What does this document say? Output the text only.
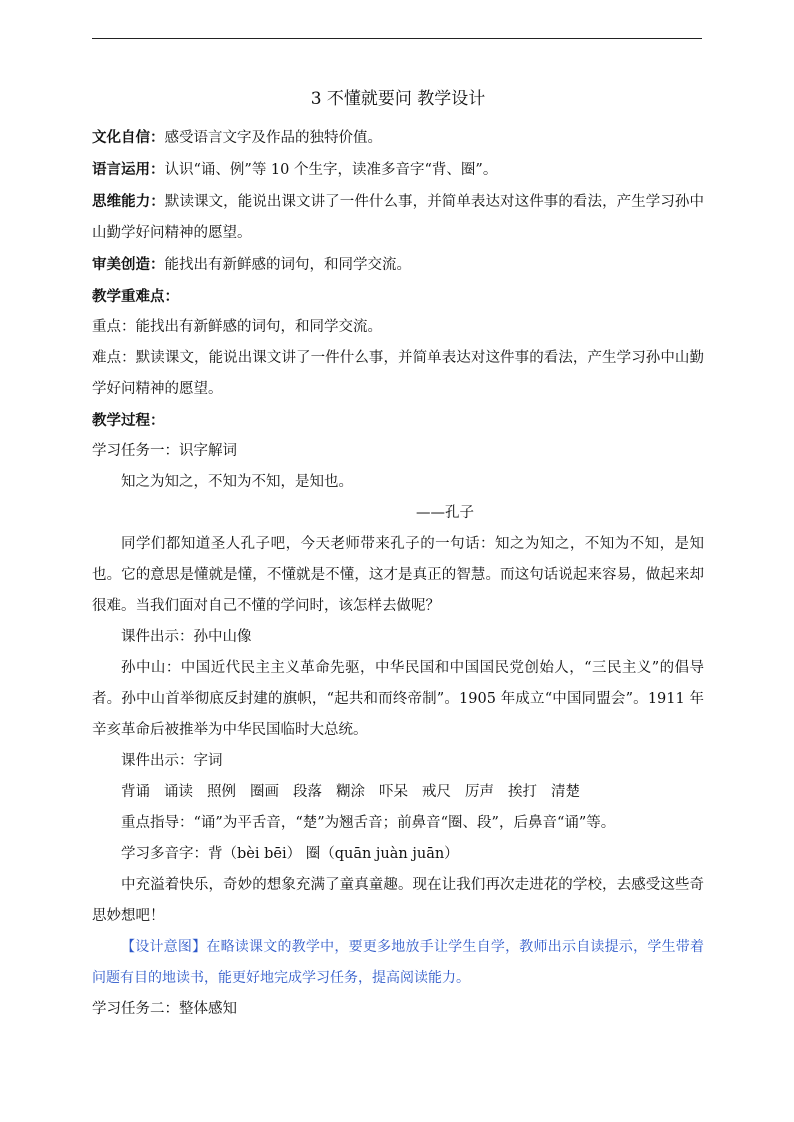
3 不懂就要问 教学设计

文化自信：感受语言文字及作品的独特价值。

语言运用：认识“诵、例”等 10 个生字，读准多音字“背、圈”。

思维能力：默读课文，能说出课文讲了一件什么事，并简单表达对这件事的看法，产生学习孙中山勤学好问精神的愿望。

审美创造：能找出有新鲜感的词句，和同学交流。

教学重难点：

重点：能找出有新鲜感的词句，和同学交流。

难点：默读课文，能说出课文讲了一件什么事，并简单表达对这件事的看法，产生学习孙中山勤学好问精神的愿望。

教学过程：

学习任务一：识字解词

知之为知之，不知为不知，是知也。

——孔子

同学们都知道圣人孔子吧，今天老师带来孔子的一句话：知之为知之，不知为不知，是知也。它的意思是懂就是懂，不懂就是不懂，这才是真正的智慧。而这句话说起来容易，做起来却很难。当我们面对自己不懂的学问时，该怎样去做呢？

课件出示：孙中山像

孙中山：中国近代民主主义革命先驱，中华民国和中国国民党创始人，“三民主义”的倡导者。孙中山首举彻底反封建的旗帜，“起共和而终帝制”。1905 年成立“中国同盟会”。1911 年辛亥革命后被推举为中华民国临时大总统。

课件出示：字词

背诵 诵读 照例 圈画 段落 糊涂 吓呆 戒尺 厉声 挨打 清楚

重点指导：“诵”为平舌音，“楚”为翘舌音；前鼻音“圈、段”，后鼻音“诵”等。

学习多音字：背（bèi bēi） 圈（quān juàn juān）

中充溢着快乐，奇妙的想象充满了童真童趣。现在让我们再次走进花的学校，去感受这些奇思妙想吧！

【设计意图】在略读课文的教学中，要更多地放手让学生自学，教师出示自读提示，学生带着问题有目的地读书，能更好地完成学习任务，提高阅读能力。

学习任务二：整体感知
